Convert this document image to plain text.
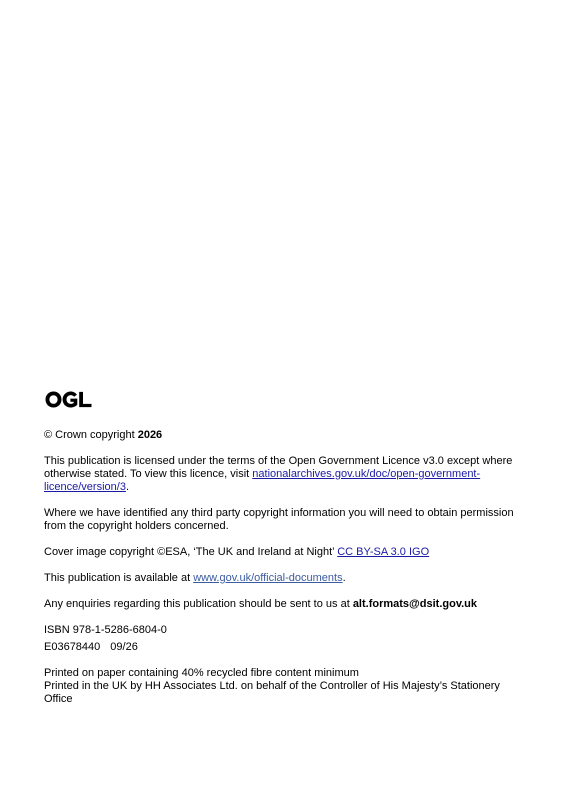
© Crown copyright 2026

This publication is licensed under the terms of the Open Government Licence v3.0 except where otherwise stated. To view this licence, visit nationalarchives.gov.uk/doc/open-government-licence/version/3.

Where we have identified any third party copyright information you will need to obtain permission from the copyright holders concerned.

Cover image copyright ©ESA, ‘The UK and Ireland at Night’ CC BY-SA 3.0 IGO

This publication is available at www.gov.uk/official-documents.

Any enquiries regarding this publication should be sent to us at alt.formats@dsit.gov.uk

ISBN 978-1-5286-6804-0

E03678440 09/26

Printed on paper containing 40% recycled fibre content minimum

Printed in the UK by HH Associates Ltd. on behalf of the Controller of His Majesty’s Stationery Office
